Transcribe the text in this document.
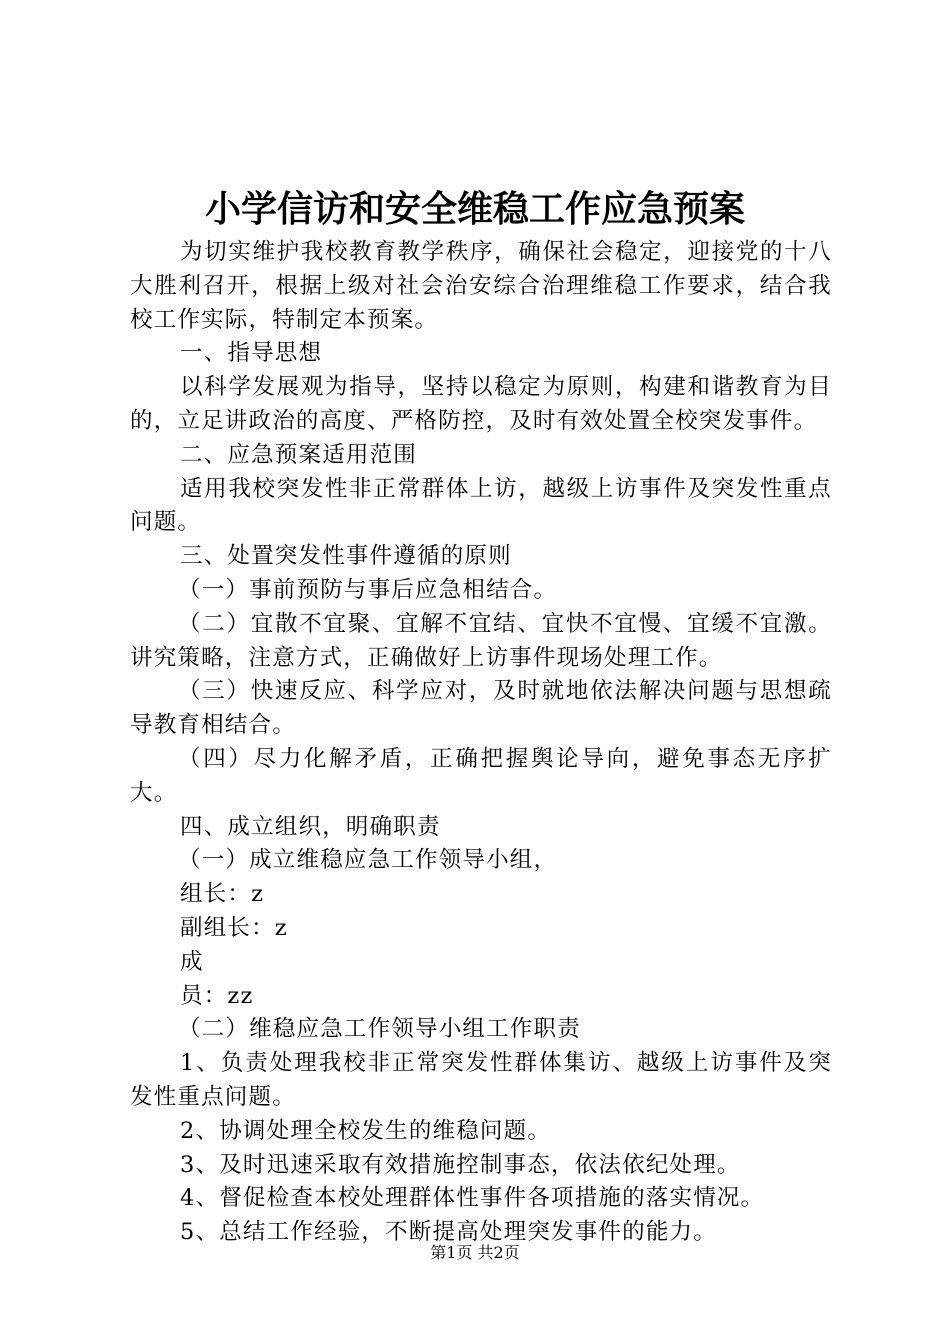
小学信访和安全维稳工作应急预案

为切实维护我校教育教学秩序，确保社会稳定，迎接党的十八大胜利召开，根据上级对社会治安综合治理维稳工作要求，结合我校工作实际，特制定本预案。

一、指导思想

以科学发展观为指导，坚持以稳定为原则，构建和谐教育为目的，立足讲政治的高度、严格防控，及时有效处置全校突发事件。

二、应急预案适用范围

适用我校突发性非正常群体上访，越级上访事件及突发性重点问题。

三、处置突发性事件遵循的原则

（一）事前预防与事后应急相结合。

（二）宜散不宜聚、宜解不宜结、宜快不宜慢、宜缓不宜激。讲究策略，注意方式，正确做好上访事件现场处理工作。

（三）快速反应、科学应对，及时就地依法解决问题与思想疏导教育相结合。

（四）尽力化解矛盾，正确把握舆论导向，避免事态无序扩大。

四、成立组织，明确职责

（一）成立维稳应急工作领导小组，

组长：z

副组长：z

成

员：zz

（二）维稳应急工作领导小组工作职责

1、负责处理我校非正常突发性群体集访、越级上访事件及突发性重点问题。

2、协调处理全校发生的维稳问题。

3、及时迅速采取有效措施控制事态，依法依纪处理。

4、督促检查本校处理群体性事件各项措施的落实情况。

5、总结工作经验，不断提高处理突发事件的能力。

第1页 共2页
